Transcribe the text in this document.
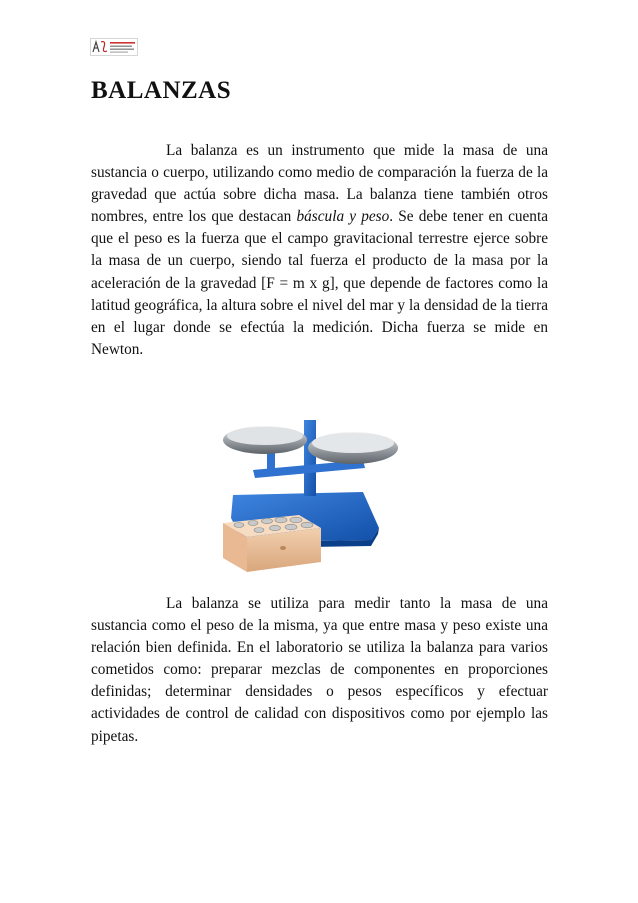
BALANZAS

La balanza es un instrumento que mide la masa de una sustancia o cuerpo, utilizando como medio de comparación la fuerza de la gravedad que actúa sobre dicha masa. La balanza tiene también otros nombres, entre los que destacan báscula y peso. Se debe tener en cuenta que el peso es la fuerza que el campo gravitacional terrestre ejerce sobre la masa de un cuerpo, siendo tal fuerza el producto de la masa por la aceleración de la gravedad [F = m x g], que depende de factores como la latitud geográfica, la altura sobre el nivel del mar y la densidad de la tierra en el lugar donde se efectúa la medición. Dicha fuerza se mide en Newton.

La balanza se utiliza para medir tanto la masa de una sustancia como el peso de la misma, ya que entre masa y peso existe una relación bien definida. En el laboratorio se utiliza la balanza para varios cometidos como: preparar mezclas de componentes en proporciones definidas; determinar densidades o pesos específicos y efectuar actividades de control de calidad con dispositivos como por ejemplo las pipetas.
